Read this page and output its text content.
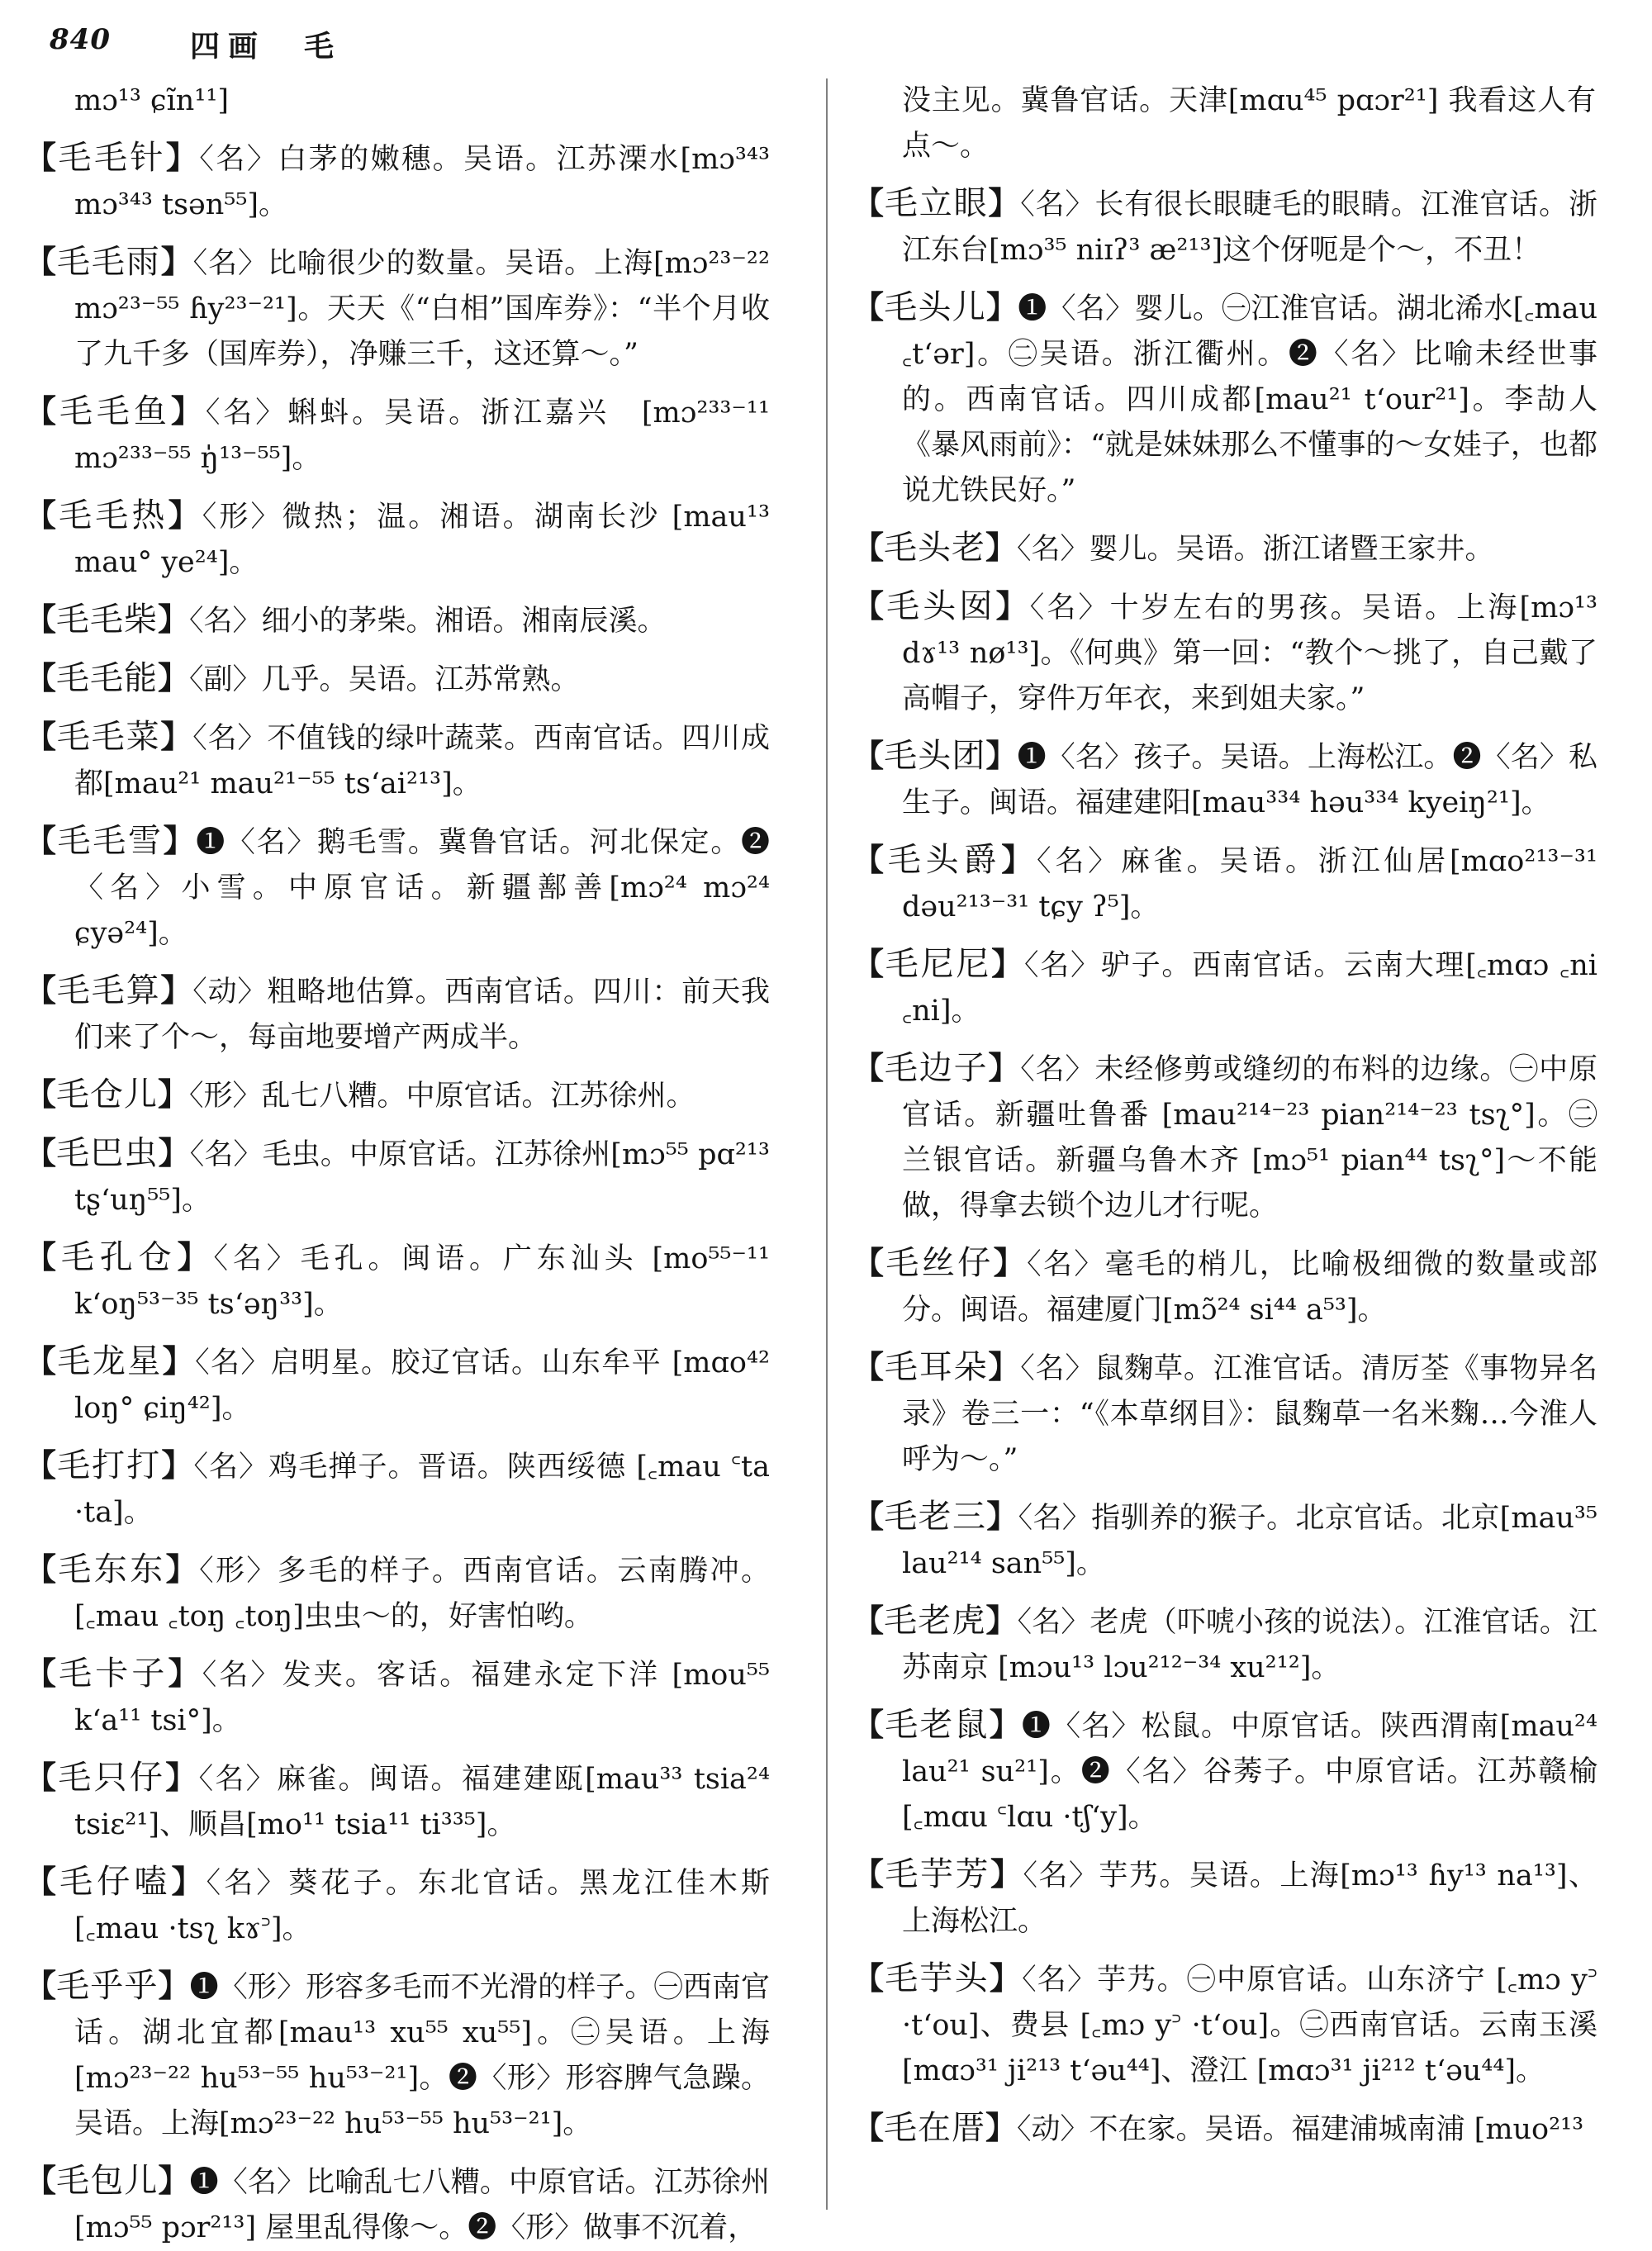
840	四画　毛

mɔ¹³ ɕĩn¹¹]

【毛毛针】〈名〉白茅的嫩穗。吴语。江苏溧水[mɔ³⁴³ mɔ³⁴³ tsən⁵⁵]。

【毛毛雨】〈名〉比喻很少的数量。吴语。上海[mɔ²³⁻²² mɔ²³⁻⁵⁵ ɦy²³⁻²¹]。天天《“白相”国库券》：“半个月收了九千多（国库券），净赚三千，这还算～。”

【毛毛鱼】〈名〉蝌蚪。吴语。浙江嘉兴　[mɔ²³³⁻¹¹ mɔ²³³⁻⁵⁵ ŋ̍¹³⁻⁵⁵]。

【毛毛热】〈形〉微热；温。湘语。湖南长沙 [mau¹³ mau° ye²⁴]。

【毛毛柴】〈名〉细小的茅柴。湘语。湘南辰溪。

【毛毛能】〈副〉几乎。吴语。江苏常熟。

【毛毛菜】〈名〉不值钱的绿叶蔬菜。西南官话。四川成都[mau²¹ mau²¹⁻⁵⁵ ts‘ai²¹³]。

【毛毛雪】❶〈名〉鹅毛雪。冀鲁官话。河北保定。❷〈名〉小雪。中原官话。新疆鄯善[mɔ²⁴ mɔ²⁴ ɕyə²⁴]。

【毛毛算】〈动〉粗略地估算。西南官话。四川：前天我们来了个～，每亩地要增产两成半。

【毛仓儿】〈形〉乱七八糟。中原官话。江苏徐州。

【毛巴虫】〈名〉毛虫。中原官话。江苏徐州[mɔ⁵⁵ pɑ²¹³ tʂ‘uŋ⁵⁵]。

【毛孔仓】〈名〉毛孔。闽语。广东汕头 [mo⁵⁵⁻¹¹ k‘oŋ⁵³⁻³⁵ ts‘əŋ³³]。

【毛龙星】〈名〉启明星。胶辽官话。山东牟平 [mɑo⁴² loŋ° ɕiŋ⁴²]。

【毛打打】〈名〉鸡毛掸子。晋语。陕西绥德 [꜀mau ꜂ta ·ta]。

【毛东东】〈形〉多毛的样子。西南官话。云南腾冲。[꜀mau ꜀toŋ ꜀toŋ]虫虫～的，好害怕哟。

【毛卡子】〈名〉发夹。客话。福建永定下洋 [mou⁵⁵ k‘a¹¹ tsi°]。

【毛只仔】〈名〉麻雀。闽语。福建建瓯[mau³³ tsia²⁴ tsiɛ²¹]、顺昌[mo¹¹ tsia¹¹ ti³³⁵]。

【毛仔嗑】〈名〉葵花子。东北官话。黑龙江佳木斯 [꜀mau ·tsʅ kɤ꜄]。

【毛乎乎】❶〈形〉形容多毛而不光滑的样子。㊀西南官话。湖北宜都[mau¹³ xu⁵⁵ xu⁵⁵]。㊁吴语。上海[mɔ²³⁻²² hu⁵³⁻⁵⁵ hu⁵³⁻²¹]。❷〈形〉形容脾气急躁。吴语。上海[mɔ²³⁻²² hu⁵³⁻⁵⁵ hu⁵³⁻²¹]。

【毛包儿】❶〈名〉比喻乱七八糟。中原官话。江苏徐州[mɔ⁵⁵ pɔr²¹³] 屋里乱得像～。❷〈形〉做事不沉着，

没主见。冀鲁官话。天津[mɑu⁴⁵ pɑɔr²¹] 我看这人有点～。

【毛立眼】〈名〉长有很长眼睫毛的眼睛。江淮官话。浙江东台[mɔ³⁵ niɪʔ³ æ²¹³]这个伢呃是个～，不丑！

【毛头儿】❶〈名〉婴儿。㊀江淮官话。湖北浠水[꜀mau ꜀t‘ər]。㊁吴语。浙江衢州。❷〈名〉比喻未经世事的。西南官话。四川成都[mau²¹ t‘our²¹]。李劼人《暴风雨前》：“就是妹妹那么不懂事的～女娃子，也都说尤铁民好。”

【毛头老】〈名〉婴儿。吴语。浙江诸暨王家井。

【毛头囡】〈名〉十岁左右的男孩。吴语。上海[mɔ¹³ dɤ¹³ nø¹³]。《何典》第一回：“教个～挑了，自己戴了高帽子，穿件万年衣，来到姐夫家。”

【毛头团】❶〈名〉孩子。吴语。上海松江。❷〈名〉私生子。闽语。福建建阳[mau³³⁴ həu³³⁴ kyeiŋ²¹]。

【毛头爵】〈名〉麻雀。吴语。浙江仙居[mɑo²¹³⁻³¹ dəu²¹³⁻³¹ tɕy ʔ⁵]。

【毛尼尼】〈名〉驴子。西南官话。云南大理[꜀mɑɔ ꜀ni ꜀ni]。

【毛边子】〈名〉未经修剪或缝纫的布料的边缘。㊀中原官话。新疆吐鲁番 [mau²¹⁴⁻²³ pian²¹⁴⁻²³ tsʅ°]。㊁兰银官话。新疆乌鲁木齐 [mɔ⁵¹ pian⁴⁴ tsʅ°]～不能做，得拿去锁个边儿才行呢。

【毛丝仔】〈名〉毫毛的梢儿，比喻极细微的数量或部分。闽语。福建厦门[mɔ̃²⁴ si⁴⁴ a⁵³]。

【毛耳朵】〈名〉鼠麴草。江淮官话。清厉荃《事物异名录》卷三一：“《本草纲目》：鼠麴草一名米麴…今淮人呼为～。”

【毛老三】〈名〉指驯养的猴子。北京官话。北京[mau³⁵ lau²¹⁴ san⁵⁵]。

【毛老虎】〈名〉老虎（吓唬小孩的说法）。江淮官话。江苏南京 [mɔu¹³ lɔu²¹²⁻³⁴ xu²¹²]。

【毛老鼠】❶〈名〉松鼠。中原官话。陕西渭南[mau²⁴ lau²¹ su²¹]。❷〈名〉谷莠子。中原官话。江苏赣榆 [꜀mɑu ꜂lɑu ·tʃ‘y]。

【毛芋芳】〈名〉芋艿。吴语。上海[mɔ¹³ ɦy¹³ na¹³]、上海松江。

【毛芋头】〈名〉芋艿。㊀中原官话。山东济宁 [꜀mɔ y꜄ ·t‘ou]、费县 [꜀mɔ y꜄ ·t‘ou]。㊁西南官话。云南玉溪 [mɑɔ³¹ ji²¹³ t‘əu⁴⁴]、澄江 [mɑɔ³¹ ji²¹² t‘əu⁴⁴]。

【毛在厝】〈动〉不在家。吴语。福建浦城南浦 [muo²¹³
